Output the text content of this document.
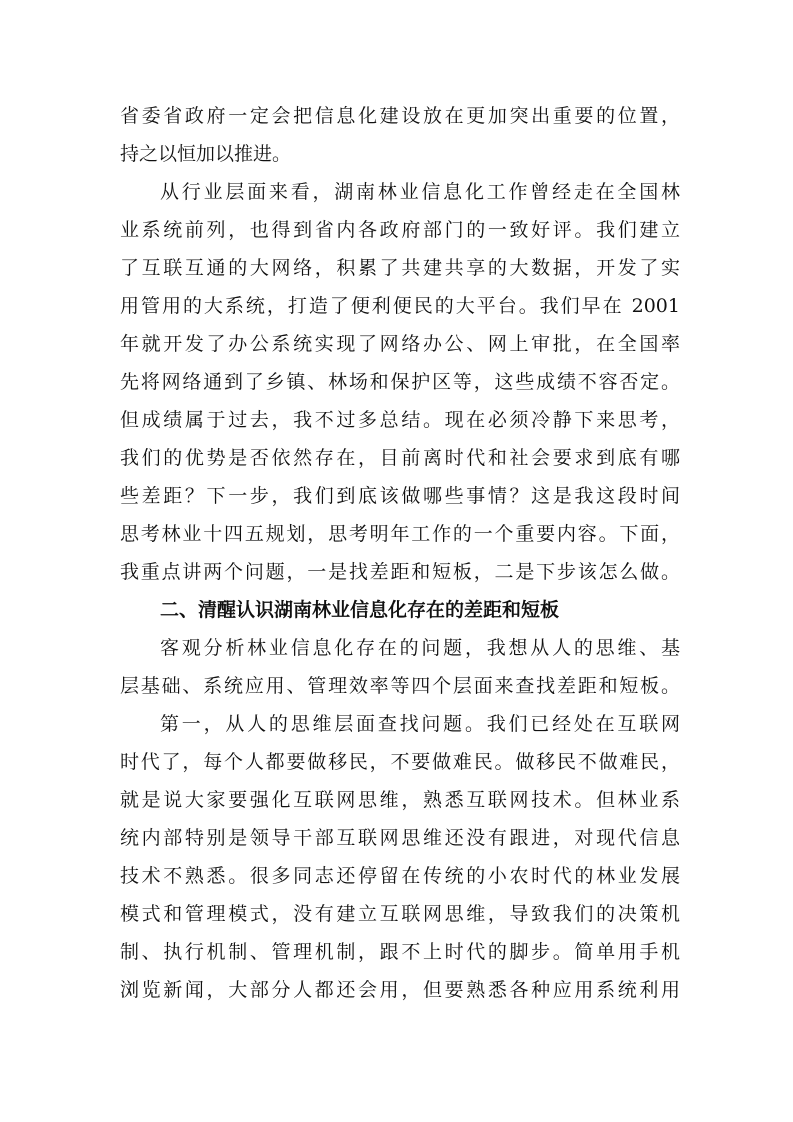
省委省政府一定会把信息化建设放在更加突出重要的位置，
持之以恒加以推进。
从行业层面来看，湖南林业信息化工作曾经走在全国林
业系统前列，也得到省内各政府部门的一致好评。我们建立
了互联互通的大网络，积累了共建共享的大数据，开发了实
用管用的大系统，打造了便利便民的大平台。我们早在 2001
年就开发了办公系统实现了网络办公、网上审批，在全国率
先将网络通到了乡镇、林场和保护区等，这些成绩不容否定。
但成绩属于过去，我不过多总结。现在必须冷静下来思考，
我们的优势是否依然存在，目前离时代和社会要求到底有哪
些差距？下一步，我们到底该做哪些事情？这是我这段时间
思考林业十四五规划，思考明年工作的一个重要内容。下面，
我重点讲两个问题，一是找差距和短板，二是下步该怎么做。
二、清醒认识湖南林业信息化存在的差距和短板
客观分析林业信息化存在的问题，我想从人的思维、基
层基础、系统应用、管理效率等四个层面来查找差距和短板。
第一，从人的思维层面查找问题。我们已经处在互联网
时代了，每个人都要做移民，不要做难民。做移民不做难民，
就是说大家要强化互联网思维，熟悉互联网技术。但林业系
统内部特别是领导干部互联网思维还没有跟进，对现代信息
技术不熟悉。很多同志还停留在传统的小农时代的林业发展
模式和管理模式，没有建立互联网思维，导致我们的决策机
制、执行机制、管理机制，跟不上时代的脚步。简单用手机
浏览新闻，大部分人都还会用，但要熟悉各种应用系统利用
